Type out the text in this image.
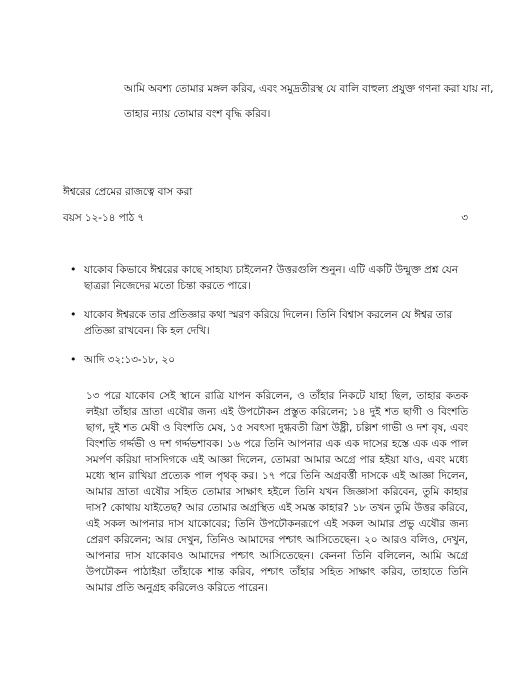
আমি অবশ্য তোমার মঙ্গল করিব, এবং সমুদ্রতীরস্থ যে বালি বাহুল্য প্রযুক্ত গণনা করা যায় না, তাহার ন্যায় তোমার বংশ বৃদ্ধি করিব।

ঈশ্বরের প্রেমের রাজত্বে বাস করা
বয়স ১২-১৪ পাঠ ৭	৩
• যাকোব কিভাবে ঈশ্বরের কাছে সাহায্য চাইলেন? উত্তরগুলি শুনুন। এটি একটি উন্মুক্ত প্রশ্ন যেন ছাত্ররা নিজেদের মতো চিন্তা করতে পারে।
• যাকোব ঈশ্বরকে তার প্রতিজ্ঞার কথা স্মরণ করিয়ে দিলেন। তিনি বিশ্বাস করলেন যে ঈশ্বর তার প্রতিজ্ঞা রাখবেন। কি হল দেখি।
• আদি ৩২:১৩-১৮, ২০

১৩ পরে যাকোব সেই স্থানে রাত্রি যাপন করিলেন, ও তাঁহার নিকটে যাহা ছিল, তাহার কতক লইয়া তাঁহার ভ্রাতা এষৌর জন্য এই উপঢৌকন প্রস্তুত করিলেন; ১৪ দুই শত ছাগী ও বিংশতি ছাগ, দুই শত মেষী ও বিংশতি মেষ, ১৫ সবৎসা দুগ্ধবতী ত্রিশ উষ্ট্রী, চল্লিশ গাভী ও দশ বৃষ, এবং বিংশতি গর্দ্দভী ও দশ গর্দ্দভশাবক। ১৬ পরে তিনি আপনার এক এক দাসের হস্তে এক এক পাল সমর্পণ করিয়া দাসদিগকে এই আজ্ঞা দিলেন, তোমরা আমার অগ্রে পার হইয়া যাও, এবং মধ্যে মধ্যে স্থান রাখিয়া প্রত্যেক পাল পৃথক্‌ কর। ১৭ পরে তিনি অগ্রবর্ত্তী দাসকে এই আজ্ঞা দিলেন, আমার ভ্রাতা এষৌর সহিত তোমার সাক্ষাৎ হইলে তিনি যখন জিজ্ঞাসা করিবেন, তুমি কাহার দাস? কোথায় যাইতেছ? আর তোমার অগ্রস্থিত এই সমস্ত কাহার? ১৮ তখন তুমি উত্তর করিবে, এই সকল আপনার দাস যাকোবের; তিনি উপঢৌকনরূপে এই সকল আমার প্রভু এষৌর জন্য প্রেরণ করিলেন; আর দেখুন, তিনিও আমাদের পশ্চাৎ আসিতেছেন। ২০ আরও বলিও, দেখুন, আপনার দাস যাকোবও আমাদের পশ্চাৎ আসিতেছেন। কেননা তিনি বলিলেন, আমি অগ্রে উপঢৌকন পাঠাইয়া তাঁহাকে শান্ত করিব, পশ্চাৎ তাঁহার সহিত সাক্ষাৎ করিব, তাহাতে তিনি আমার প্রতি অনুগ্রহ করিলেও করিতে পারেন।
